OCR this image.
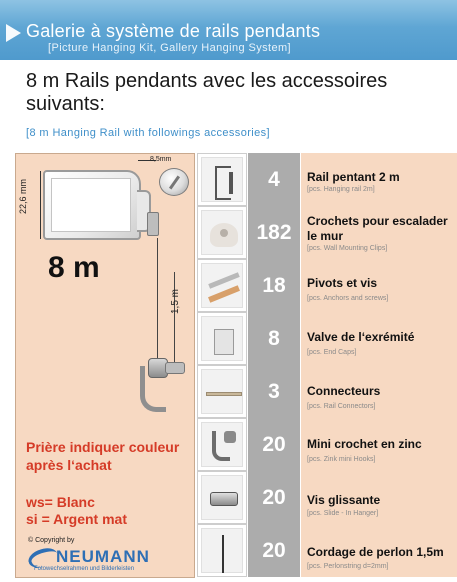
Galerie à système de rails pendants
[Picture Hanging Kit, Gallery Hanging System]
8 m Rails pendants avec les accessoires suivants:
[8 m Hanging Rail with followings accessories]
22,6 mm
8,5mm
8 m
1,5 m
Prière indiquer couleur après l‘achat
ws= Blanc
si = Argent mat
© Copyright by
NEUMANN
Fotowechselrahmen und Bilderleisten
4	Rail pentant 2 m
[pcs. Hanging rail 2m]
182	Crochets pour escalader le mur
[pcs. Wall Mounting Clips]
18	Pivots et vis
[pcs. Anchors and screws]
8	Valve de l‘exrémité
[pcs. End Caps]
3	Connecteurs
[pcs. Rail Connectors]
20	Mini crochet en zinc
[pcs. Zink mini Hooks]
20	Vis glissante
[pcs. Slide - In Hanger]
20	Cordage de perlon 1,5m
[pcs. Perlonstring d=2mm]
